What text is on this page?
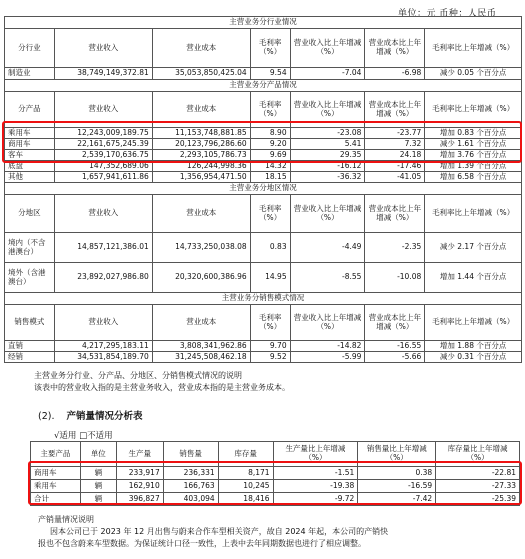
单位：元 币种：人民币
主营业务分行业情况						
分行业	营业收入	营业成本	毛利率（%）	营业收入比上年增减（%）	营业成本比上年增减（%）	毛利率比上年增减（%）
制造业	38,749,149,372.81	35,053,850,425.04	9.54	-7.04	-6.98	减少 0.05 个百分点
主营业务分产品情况						
分产品	营业收入	营业成本	毛利率（%）	营业收入比上年增减（%）	营业成本比上年增减（%）	毛利率比上年增减（%）
乘用车	12,243,009,189.75	11,153,748,881.85	8.90	-23.08	-23.77	增加 0.83 个百分点
商用车	22,161,675,245.39	20,123,796,286.60	9.20	5.41	7.32	减少 1.61 个百分点
客车	2,539,170,636.75	2,293,105,786.73	9.69	29.35	24.18	增加 3.76 个百分点
底盘	147,352,689.06	126,244,998.36	14.32	-16.12	-17.46	增加 1.39 个百分点
其他	1,657,941,611.86	1,356,954,471.50	18.15	-36.32	-41.05	增加 6.58 个百分点
主营业务分地区情况						
分地区	营业收入	营业成本	毛利率（%）	营业收入比上年增减（%）	营业成本比上年增减（%）	毛利率比上年增减（%）
境内（不含港澳台）	14,857,121,386.01	14,733,250,038.08	0.83	-4.49	-2.35	减少 2.17 个百分点
境外（含港澳台）	23,892,027,986.80	20,320,600,386.96	14.95	-8.55	-10.08	增加 1.44 个百分点
主营业务分销售模式情况						
销售模式	营业收入	营业成本	毛利率（%）	营业收入比上年增减（%）	营业成本比上年增减（%）	毛利率比上年增减（%）
直销	4,217,295,183.11	3,808,341,962.86	9.70	-14.82	-16.55	增加 1.88 个百分点
经销	34,531,854,189.70	31,245,508,462.18	9.52	-5.99	-5.66	减少 0.31 个百分点
主营业务分行业、分产品、分地区、分销售模式情况的说明
该表中的营业收入指的是主营业务收入，营业成本指的是主营业务成本。
(2). 产销量情况分析表
√适用 □不适用
主要产品	单位	生产量	销售量	库存量	生产量比上年增减（%）	销售量比上年增减（%）	库存量比上年增减（%）
商用车	辆	233,917	236,331	8,171	-1.51	0.38	-22.81
乘用车	辆	162,910	166,763	10,245	-19.38	-16.59	-27.33
合计	辆	396,827	403,094	18,416	-9.72	-7.42	-25.39
产销量情况说明
因本公司已于 2023 年 12 月出售与蔚来合作车型相关资产，故自 2024 年起，本公司的产销快
报也不包含蔚来车型数据。为保证统计口径一致性，上表中去年同期数据也进行了相应调整。
